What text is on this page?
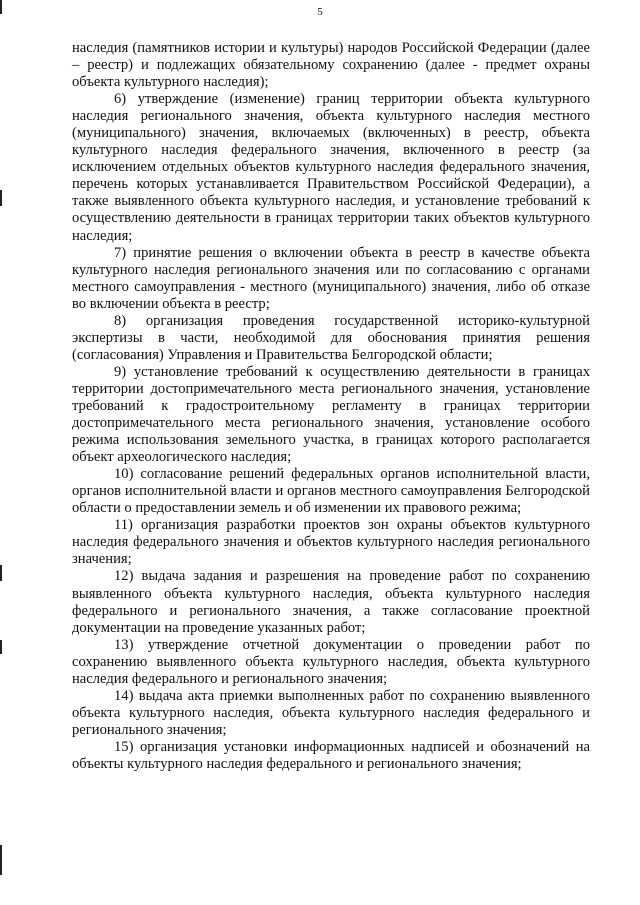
5

наследия (памятников истории и культуры) народов Российской Федерации (далее – реестр) и подлежащих обязательному сохранению (далее - предмет охраны объекта культурного наследия);

6) утверждение (изменение) границ территории объекта культурного наследия регионального значения, объекта культурного наследия местного (муниципального) значения, включаемых (включенных) в реестр, объекта культурного наследия федерального значения, включенного в реестр (за исключением отдельных объектов культурного наследия федерального значения, перечень которых устанавливается Правительством Российской Федерации), а также выявленного объекта культурного наследия, и установление требований к осуществлению деятельности в границах территории таких объектов культурного наследия;

7) принятие решения о включении объекта в реестр в качестве объекта культурного наследия регионального значения или по согласованию с органами местного самоуправления - местного (муниципального) значения, либо об отказе во включении объекта в реестр;

8) организация проведения государственной историко-культурной экспертизы в части, необходимой для обоснования принятия решения (согласования) Управления и Правительства Белгородской области;

9) установление требований к осуществлению деятельности в границах территории достопримечательного места регионального значения, установление требований к градостроительному регламенту в границах территории достопримечательного места регионального значения, установление особого режима использования земельного участка, в границах которого располагается объект археологического наследия;

10) согласование решений федеральных органов исполнительной власти, органов исполнительной власти и органов местного самоуправления Белгородской области о предоставлении земель и об изменении их правового режима;

11) организация разработки проектов зон охраны объектов культурного наследия федерального значения и объектов культурного наследия регионального значения;

12) выдача задания и разрешения на проведение работ по сохранению выявленного объекта культурного наследия, объекта культурного наследия федерального и регионального значения, а также согласование проектной документации на проведение указанных работ;

13) утверждение отчетной документации о проведении работ по сохранению выявленного объекта культурного наследия, объекта культурного наследия федерального и регионального значения;

14) выдача акта приемки выполненных работ по сохранению выявленного объекта культурного наследия, объекта культурного наследия федерального и регионального значения;

15) организация установки информационных надписей и обозначений на объекты культурного наследия федерального и регионального значения;
